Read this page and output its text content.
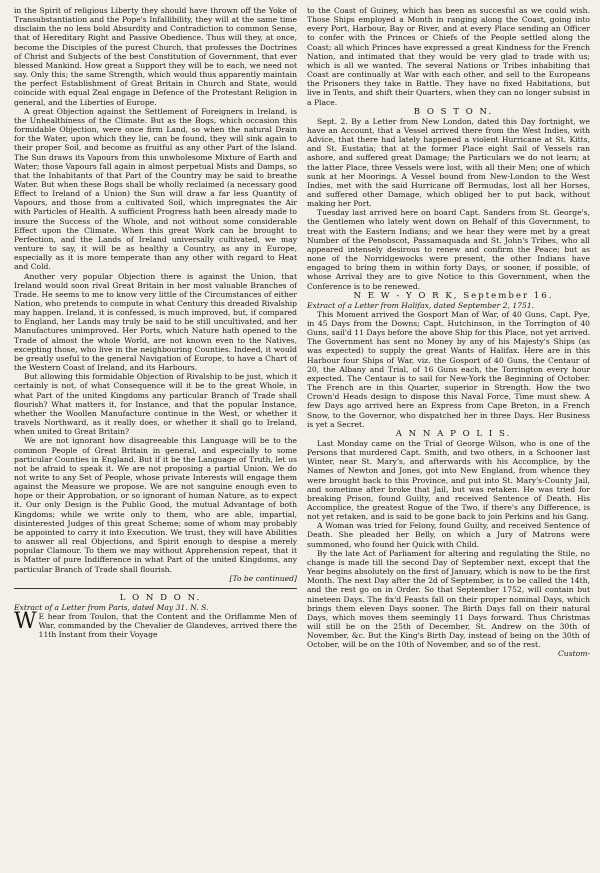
in the Spirit of religious Liberty they should have thrown off the Yoke of Transubstantiation and the Pope's Infallibility, they will at the same time disclaim the no less bold Absurdity and Contradiction to common Sense, that of Hereditary Right and Passive Obedience. Thus will they, at once, become the Disciples of the purest Church, that professes the Doctrines of Christ and Subjects of the best Constitution of Government, that ever blessed Mankind. How great a Support they will be to each, we need not say. Only this; the same Strength, which would thus apparently maintain the perfect Establishment of Great Britain in Church and State, would coincide with equal Zeal engage in Defence of the Protestant Religion in general, and the Liberties of Europe.

A great Objection against the Settlement of Foreigners in Ireland, is the Unhealthiness of the Climate. But as the Bogs, which occasion this formidable Objection, were once firm Land, so when the natural Drain for the Water, upon which they lie, can be found, they will sink again to their proper Soil, and become as fruitful as any other Part of the Island. The Sun draws its Vapours from this unwholesome Mixture of Earth and Water; those Vapours fall again in almost perpetual Mists and Damps, so that the Inhabitants of that Part of the Country may be said to breathe Water. But when these Bogs shall be wholly reclaimed (a necessary good Effect to Ireland of a Union) the Sun will draw a far less Quantity of Vapours, and those from a cultivated Soil, which impregnates the Air with Particles of Health. A sufficient Progress hath been already made to insure the Success of the Whole, and not without some considerable Effect upon the Climate. When this great Work can be brought to Perfection, and the Lands of Ireland universally cultivated, we may venture to say, it will be as healthy a Country, as any in Europe, especially as it is more temperate than any other with regard to Heat and Cold.

Another very popular Objection there is against the Union, that Ireland would soon rival Great Britain in her most valuable Branches of Trade. He seems to me to know very little of the Circumstances of either Nation, who pretends to compute in what Century this dreaded Rivalship may happen. Ireland, it is confessed, is much improved, but, if compared to England, her Lands may truly be said to be still uncultivated, and her Manufactures unimproved. Her Ports, which Nature hath opened to the Trade of almost the whole World, are not known even to the Natives, excepting those, who live in the neighbouring Counties. Indeed, it would be greatly useful to the general Navigation of Europe, to have a Chart of the Western Coast of Ireland, and its Harbours.

But allowing this formidable Objection of Rivalship to be just, which it certainly is not, of what Consequence will it be to the great Whole, in what Part of the united Kingdoms any particular Branch of Trade shall flourish? What matters it, for Instance, and that the popular Instance, whether the Woollen Manufacture continue in the West, or whether it travels Northward, as it really does, or whether it shall go to Ireland, when united to Great Britain?

We are not ignorant how disagreeable this Language will be to the common People of Great Britain in general, and especially to some particular Counties in England. But if it be the Language of Truth, let us not be afraid to speak it. We are not proposing a partial Union. We do not write to any Set of People, whose private Interests will engage them against the Measure we propose. We are not sanguine enough even to hope or their Approbation, or so ignorant of human Nature, as to expect it. Our only Design is the Public Good, the mutual Advantage of both Kingdoms; while we write only to them, who are able, impartial, disinterested Judges of this great Scheme; some of whom may probably be appointed to carry it into Execution. We trust, they will have Abilities to answer all real Objections, and Spirit enough to despise a merely popular Clamour. To them we may without Apprehension repeat, that it is Matter of pure Indifference in what Part of the united Kingdoms, any particular Branch of Trade shall flourish.

[To be continued]

L O N D O N.

Extract of a Letter from Paris, dated May 31. N. S.

W E hear from Toulon, that the Content and the Oriflamme Men of War, commanded by the Chevalier de Glandeves, arrived there the 11th Instant from their Voyage

to the Coast of Guiney, which has been as succesful as we could wish. Those Ships employed a Month in ranging along the Coast, going into every Port, Harbour, Bay or River, and at every Place sending an Officer to confer with the Princes or Chiefs of the People settled along the Coast; all which Princes have expressed a great Kindness for the French Nation, and intimated that they would be very glad to trade with us; which is all we wanted. The several Nations or Tribes inhabiting that Coast are continually at War with each other, and sell to the Europeans the Prisoners they take in Battle. They have no fixed Habitations, but live in Tents, and shift their Quarters, when they can no longer subsist in a Place.

B O S T O N.

Sept. 2. By a Letter from New London, dated this Day fortnight, we have an Account, that a Vessel arrived there from the West Indies, with Advice, that there had lately happened a violent Hurricane at St. Kitts, and St. Eustatia; that at the former Place eight Sail of Vessels ran ashore, and suffered great Damage; the Particulars we do not learn; at the latter Place, three Vessels were lost, with all their Men; one of which sunk at her Moorings. A Vessel bound from New-London to the West Indies, met with the said Hurricane off Bermudas, lost all her Horses, and suffered other Damage, which obliged her to put back, without making her Port.

Tuesday last arrived here on board Capt. Sanders from St. George's, the Gentlemen who lately went down on Behalf of this Government, to treat with the Eastern Indians; and we hear they were met by a great Number of the Penobscot, Passamaquada and St. John's Tribes, who all appeared intensely desirous to renew and confirm the Peace; but as none of the Norridgewocks were present, the other Indians have engaged to bring them in within forty Days, or sooner, if possible, of whose Arrival they are to give Notice to this Government, when the Conference is to be renewed.

N E W - Y O R K, September 16.

Extract of a Letter from Halifax, dated September 2, 1751.

This Moment arrived the Gosport Man of War, of 40 Guns, Capt. Pye, in 45 Days from the Downs; Capt. Hutchinson, in the Torrington of 40 Guns, sail'd 11 Days before the above Ship for this Place, not yet arrived. The Government has sent no Money by any of his Majesty's Ships (as was expected) to supply the great Wants of Halifax. Here are in this Harbour four Ships of War, viz. the Gosport of 40 Guns, the Centaur of 20, the Albany and Trial, of 16 Guns each, the Torrington every hour expected. The Centaur is to sail for New-York the Beginning of October. The French are in this Quarter, superior in Strength. How the two Crown'd Heads design to dispose this Naval Force, Time must shew. A few Days ago arrived here an Express from Cape Breton, in a French Snow, to the Governor, who dispatched her in three Days. Her Business is yet a Secret.

A N N A P O L I S.

Last Monday came on the Trial of George Wilson, who is one of the Persons that murdered Capt. Smith, and two others, in a Schooner last Winter, near St. Mary's, and afterwards with his Accomplice, by the Names of Newton and Jones, got into New England, from whence they were brought back to this Province, and put into St. Mary's-County Jail, and sometime after broke that Jail, but was retaken. He was tried for breaking Prison, found Guilty, and received Sentence of Death. His Accomplice, the greatest Rogue of the Two, if there's any Difference, is not yet retaken, and is said to be gone back to join Perkins and his Gang.

A Woman was tried for Felony, found Guilty, and received Sentence of Death. She pleaded her Belly, on which a Jury of Matrons were summoned, who found her Quick with Child.

By the late Act of Parliament for altering and regulating the Stile, no change is made till the second Day of September next, except that the Year begins absolutely on the first of January, which is now to be the first Month. The next Day after the 2d of September, is to be called the 14th, and the rest go on in Order. So that September 1752, will contain but nineteen Days. The fix'd Feasts fall on their proper nominal Days, which brings them eleven Days sooner. The Birth Days fall on their natural Days, which moves them seemingly 11 Days forward. Thus Christmas will still be on the 25th of December, St. Andrew on the 30th of November, &c. But the King's Birth Day, instead of being on the 30th of October, will be on the 10th of November, and so of the rest.

Custom-
